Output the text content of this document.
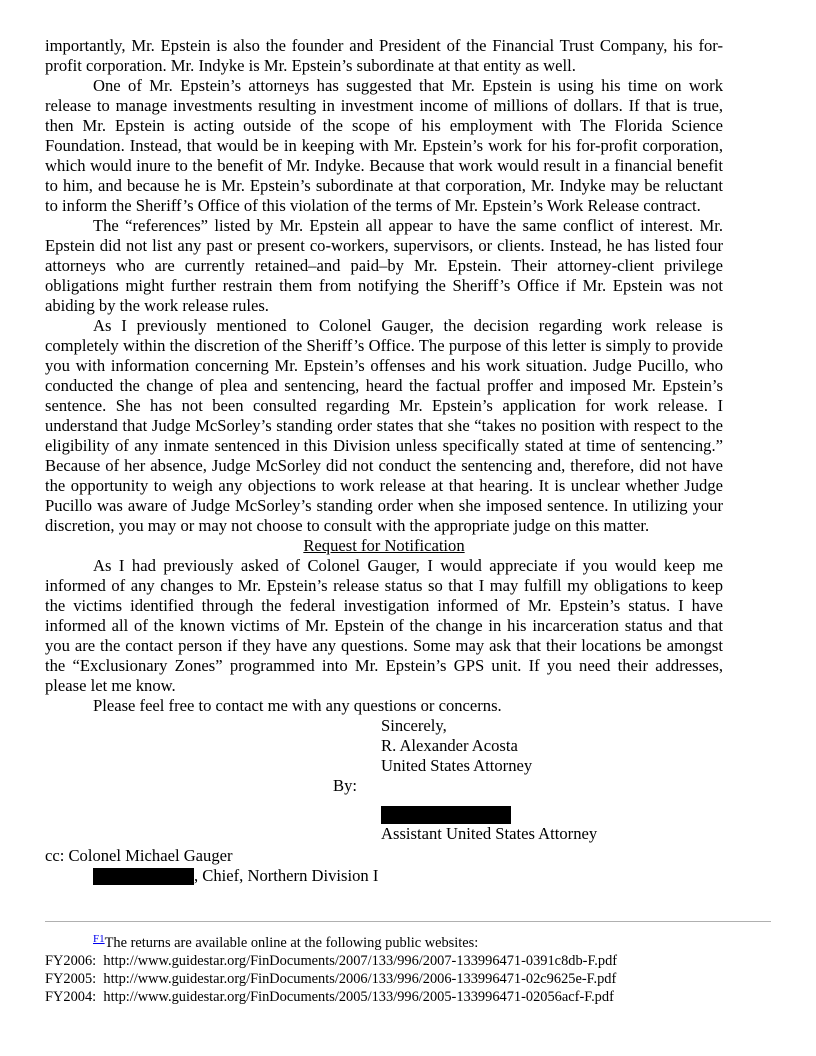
importantly, Mr. Epstein is also the founder and President of the Financial Trust Company, his for-profit corporation. Mr. Indyke is Mr. Epstein’s subordinate at that entity as well.

One of Mr. Epstein’s attorneys has suggested that Mr. Epstein is using his time on work release to manage investments resulting in investment income of millions of dollars. If that is true, then Mr. Epstein is acting outside of the scope of his employment with The Florida Science Foundation. Instead, that would be in keeping with Mr. Epstein’s work for his for-profit corporation, which would inure to the benefit of Mr. Indyke. Because that work would result in a financial benefit to him, and because he is Mr. Epstein’s subordinate at that corporation, Mr. Indyke may be reluctant to inform the Sheriff’s Office of this violation of the terms of Mr. Epstein’s Work Release contract.

The “references” listed by Mr. Epstein all appear to have the same conflict of interest. Mr. Epstein did not list any past or present co-workers, supervisors, or clients. Instead, he has listed four attorneys who are currently retained–and paid–by Mr. Epstein. Their attorney-client privilege obligations might further restrain them from notifying the Sheriff’s Office if Mr. Epstein was not abiding by the work release rules.

As I previously mentioned to Colonel Gauger, the decision regarding work release is completely within the discretion of the Sheriff’s Office. The purpose of this letter is simply to provide you with information concerning Mr. Epstein’s offenses and his work situation. Judge Pucillo, who conducted the change of plea and sentencing, heard the factual proffer and imposed Mr. Epstein’s sentence. She has not been consulted regarding Mr. Epstein’s application for work release. I understand that Judge McSorley’s standing order states that she “takes no position with respect to the eligibility of any inmate sentenced in this Division unless specifically stated at time of sentencing.” Because of her absence, Judge McSorley did not conduct the sentencing and, therefore, did not have the opportunity to weigh any objections to work release at that hearing. It is unclear whether Judge Pucillo was aware of Judge McSorley’s standing order when she imposed sentence. In utilizing your discretion, you may or may not choose to consult with the appropriate judge on this matter.

Request for Notification

As I had previously asked of Colonel Gauger, I would appreciate if you would keep me informed of any changes to Mr. Epstein’s release status so that I may fulfill my obligations to keep the victims identified through the federal investigation informed of Mr. Epstein’s status. I have informed all of the known victims of Mr. Epstein of the change in his incarceration status and that you are the contact person if they have any questions. Some may ask that their locations be amongst the “Exclusionary Zones” programmed into Mr. Epstein’s GPS unit. If you need their addresses, please let me know.

Please feel free to contact me with any questions or concerns.

Sincerely,
R. Alexander Acosta
United States Attorney
By:
Assistant United States Attorney
cc: Colonel Michael Gauger
, Chief, Northern Division I
$^{F1}$The returns are available online at the following public websites:
FY2006: http://www.guidestar.org/FinDocuments/2007/133/996/2007-133996471-0391c8db-F.pdf
FY2005: http://www.guidestar.org/FinDocuments/2006/133/996/2006-133996471-02c9625e-F.pdf
FY2004: http://www.guidestar.org/FinDocuments/2005/133/996/2005-133996471-02056acf-F.pdf
